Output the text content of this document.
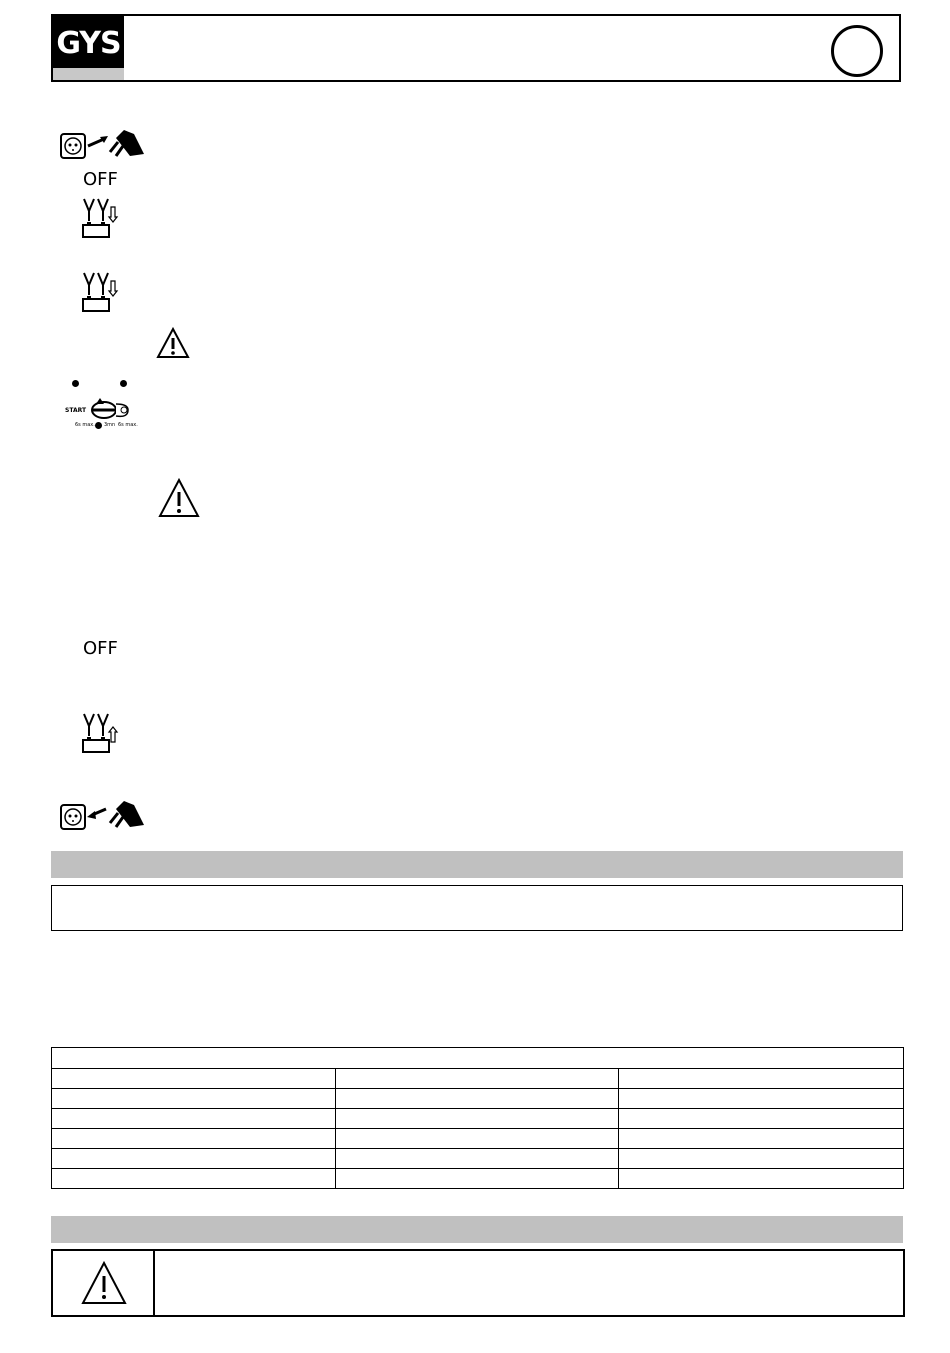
GYS
OFF
START
6s max. 3mn 6s max.
OFF
